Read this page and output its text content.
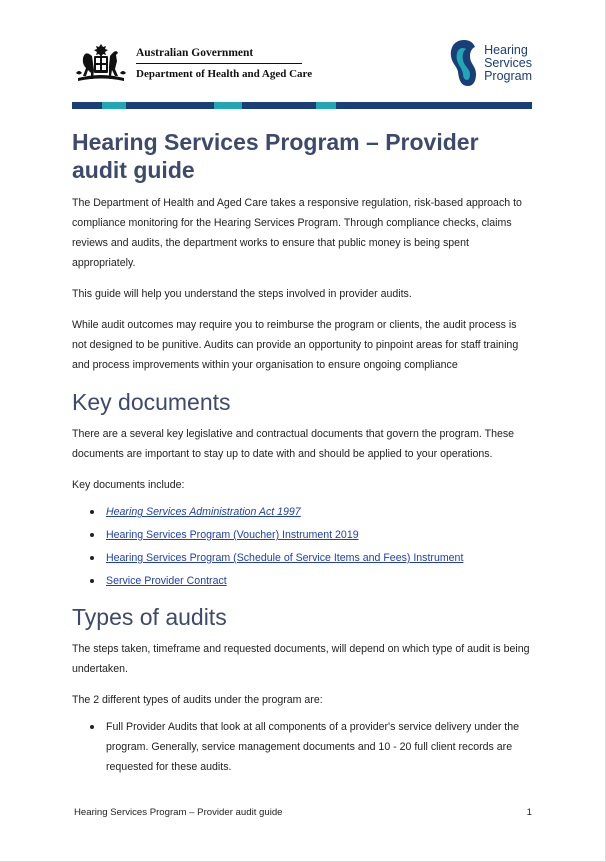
Australian Government
Department of Health and Aged Care
Hearing
Services
Program
Hearing Services Program – Provider audit guide

The Department of Health and Aged Care takes a responsive regulation, risk-based approach to compliance monitoring for the Hearing Services Program. Through compliance checks, claims reviews and audits, the department works to ensure that public money is being spent appropriately.

This guide will help you understand the steps involved in provider audits.

While audit outcomes may require you to reimburse the program or clients, the audit process is not designed to be punitive. Audits can provide an opportunity to pinpoint areas for staff training and process improvements within your organisation to ensure ongoing compliance

Key documents

There are a several key legislative and contractual documents that govern the program. These documents are important to stay up to date with and should be applied to your operations.

Key documents include:

Hearing Services Administration Act 1997
Hearing Services Program (Voucher) Instrument 2019
Hearing Services Program (Schedule of Service Items and Fees) Instrument
Service Provider Contract
Types of audits

The steps taken, timeframe and requested documents, will depend on which type of audit is being undertaken.

The 2 different types of audits under the program are:

Full Provider Audits that look at all components of a provider's service delivery under the program. Generally, service management documents and 10 - 20 full client records are requested for these audits.
Hearing Services Program – Provider audit guide	1
